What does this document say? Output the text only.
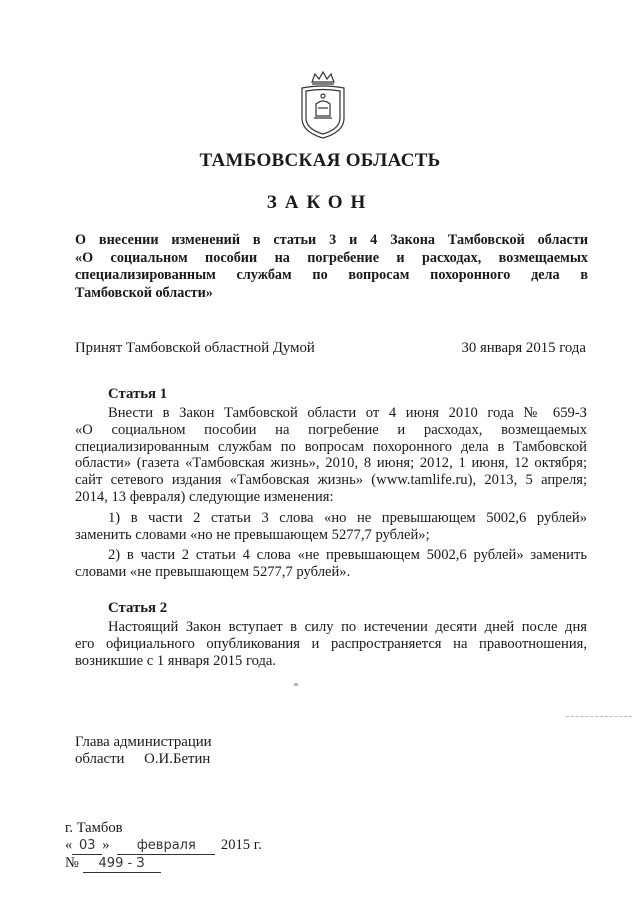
ТАМБОВСКАЯ ОБЛАСТЬ
ЗАКОН
О внесении изменений в статьи 3 и 4 Закона Тамбовской области
«О социальном пособии на погребение и расходах, возмещаемых
специализированным службам по вопросам похоронного дела в
Тамбовской области»
Принят Тамбовской областной Думой	30 января 2015 года
Статья 1
Внести в Закон Тамбовской области от 4 июня 2010 года № 659-З
«О социальном пособии на погребение и расходах, возмещаемых
специализированным службам по вопросам похоронного дела в Тамбовской
области» (газета «Тамбовская жизнь», 2010, 8 июня; 2012, 1 июня, 12 октября;
сайт сетевого издания «Тамбовская жизнь» (www.tamlife.ru), 2013, 5 апреля;
2014, 13 февраля) следующие изменения:
1) в части 2 статьи 3 слова «но не превышающем 5002,6 рублей»
заменить словами «но не превышающем 5277,7 рублей»;
2) в части 2 статьи 4 слова «не превышающем 5002,6 рублей» заменить
словами «не превышающем 5277,7 рублей».
Статья 2
Настоящий Закон вступает в силу по истечении десяти дней после дня
его официального опубликования и распространяется на правоотношения,
возникшие с 1 января 2015 года.
Глава администрации
области О.И.Бетин
г. Тамбов
« 03 » февраля 2015 г.
№ 499 - З
